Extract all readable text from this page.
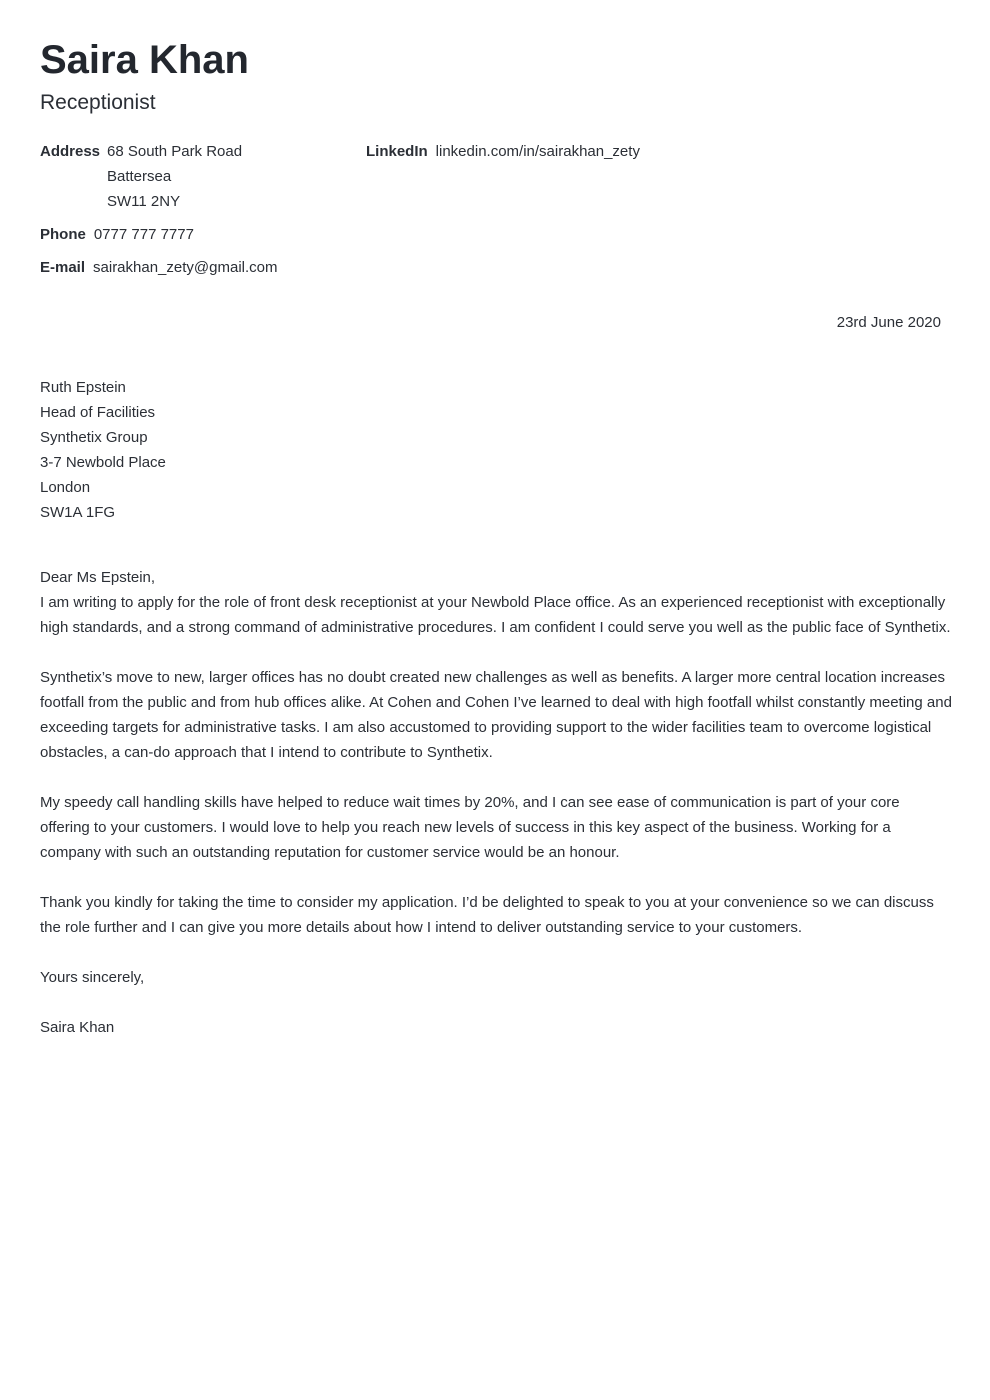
Saira Khan
Receptionist
Address 68 South Park Road
Battersea
SW11 2NY
LinkedIn linkedin.com/in/sairakhan_zety
Phone 0777 777 7777
E-mail sairakhan_zety@gmail.com
23rd June 2020
Ruth Epstein
Head of Facilities
Synthetix Group
3-7 Newbold Place
London
SW1A 1FG

Dear Ms Epstein,

I am writing to apply for the role of front desk receptionist at your Newbold Place office. As an experienced receptionist with exceptionally high standards, and a strong command of administrative procedures. I am confident I could serve you well as the public face of Synthetix.

Synthetix’s move to new, larger offices has no doubt created new challenges as well as benefits. A larger more central location increases footfall from the public and from hub offices alike. At Cohen and Cohen I’ve learned to deal with high footfall whilst constantly meeting and exceeding targets for administrative tasks. I am also accustomed to providing support to the wider facilities team to overcome logistical obstacles, a can-do approach that I intend to contribute to Synthetix.

My speedy call handling skills have helped to reduce wait times by 20%, and I can see ease of communication is part of your core offering to your customers. I would love to help you reach new levels of success in this key aspect of the business. Working for a company with such an outstanding reputation for customer service would be an honour.

Thank you kindly for taking the time to consider my application. I’d be delighted to speak to you at your convenience so we can discuss the role further and I can give you more details about how I intend to deliver outstanding service to your customers.

Yours sincerely,

Saira Khan
